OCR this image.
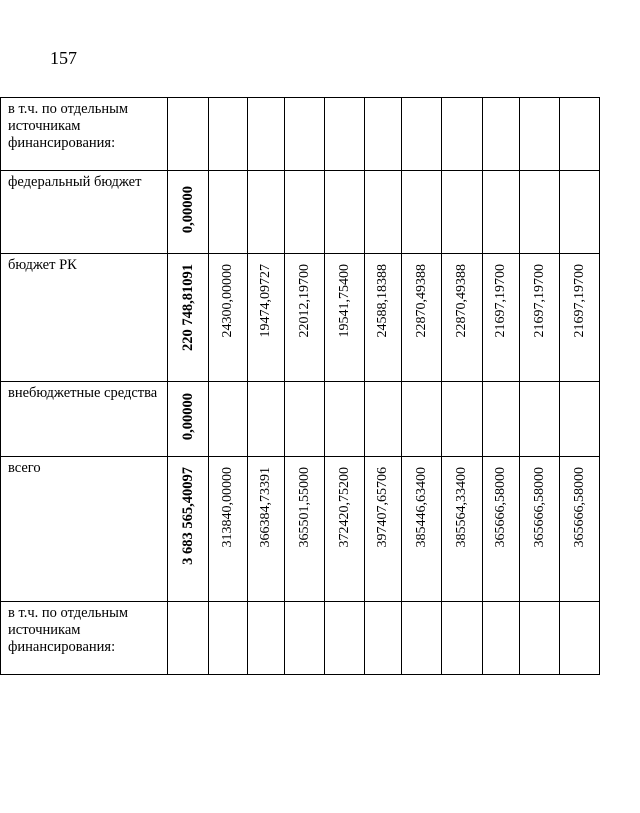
157
в т.ч. по отдельным источникам финансирования:											
федеральный бюджет	0,00000										
бюджет РК	220 748,81091	24300,00000	19474,09727	22012,19700	19541,75400	24588,18388	22870,49388	22870,49388	21697,19700	21697,19700	21697,19700
внебюджетные средства	0,00000										
всего	3 683 565,40097	313840,00000	366384,73391	365501,55000	372420,75200	397407,65706	385446,63400	385564,33400	365666,58000	365666,58000	365666,58000
в т.ч. по отдельным источникам финансирования:											
